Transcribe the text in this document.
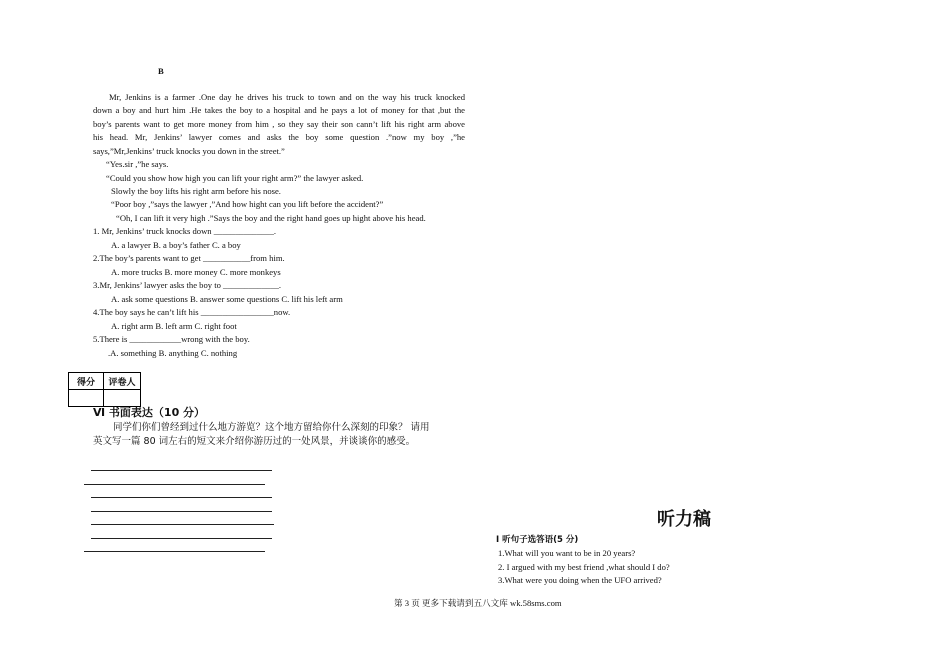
B
Mr, Jenkins is a farmer .One day he drives his truck to town and on the way his truck knocked
down a boy and hurt him .He takes the boy to a hospital and he pays a lot of money for that ,but the
boy’s parents want to get more money from him , so they say their son cann’t lift his right arm above
his head. Mr, Jenkins’ lawyer comes and asks the boy some question .”now my boy ,”he
says,”Mr,Jenkins’ truck knocks you down in the street.”
“Yes.sir ,”he says.
“Could you show how high you can lift your right arm?” the lawyer asked.
Slowly the boy lifts his right arm before his nose.
“Poor boy ,”says the lawyer ,”And how hight can you lift before the accident?”
“Oh, I can lift it very high .”Says the boy and the right hand goes up hight above his head.
1. Mr, Jenkins’ truck knocks down ______________.
A. a lawyer B. a boy’s father C. a boy
2.The boy’s parents want to get ___________from him.
A. more trucks B. more money C. more monkeys
3.Mr, Jenkins’ lawyer asks the boy to _____________.
A. ask some questions B. answer some questions C. lift his left arm
4.The boy says he can’t lift his _________________now.
A. right arm B. left arm C. right foot
5.There is ____________wrong with the boy.
.A. something B. anything C. nothing
得分	评卷人

Ⅵ 书面表达（10 分）
同学们你们曾经到过什么地方游览？这个地方留给你什么深刻的印象？ 请用
英文写一篇 80 词左右的短文来介绍你游历过的一处风景，并谈谈你的感受。
听力稿
Ⅰ 听句子选答语(5 分)
1.What will you want to be in 20 years?
2. I argued with my best friend ,what should I do?
3.What were you doing when the UFO arrived?
第 3 页 更多下载请到五八文库 wk.58sms.com
